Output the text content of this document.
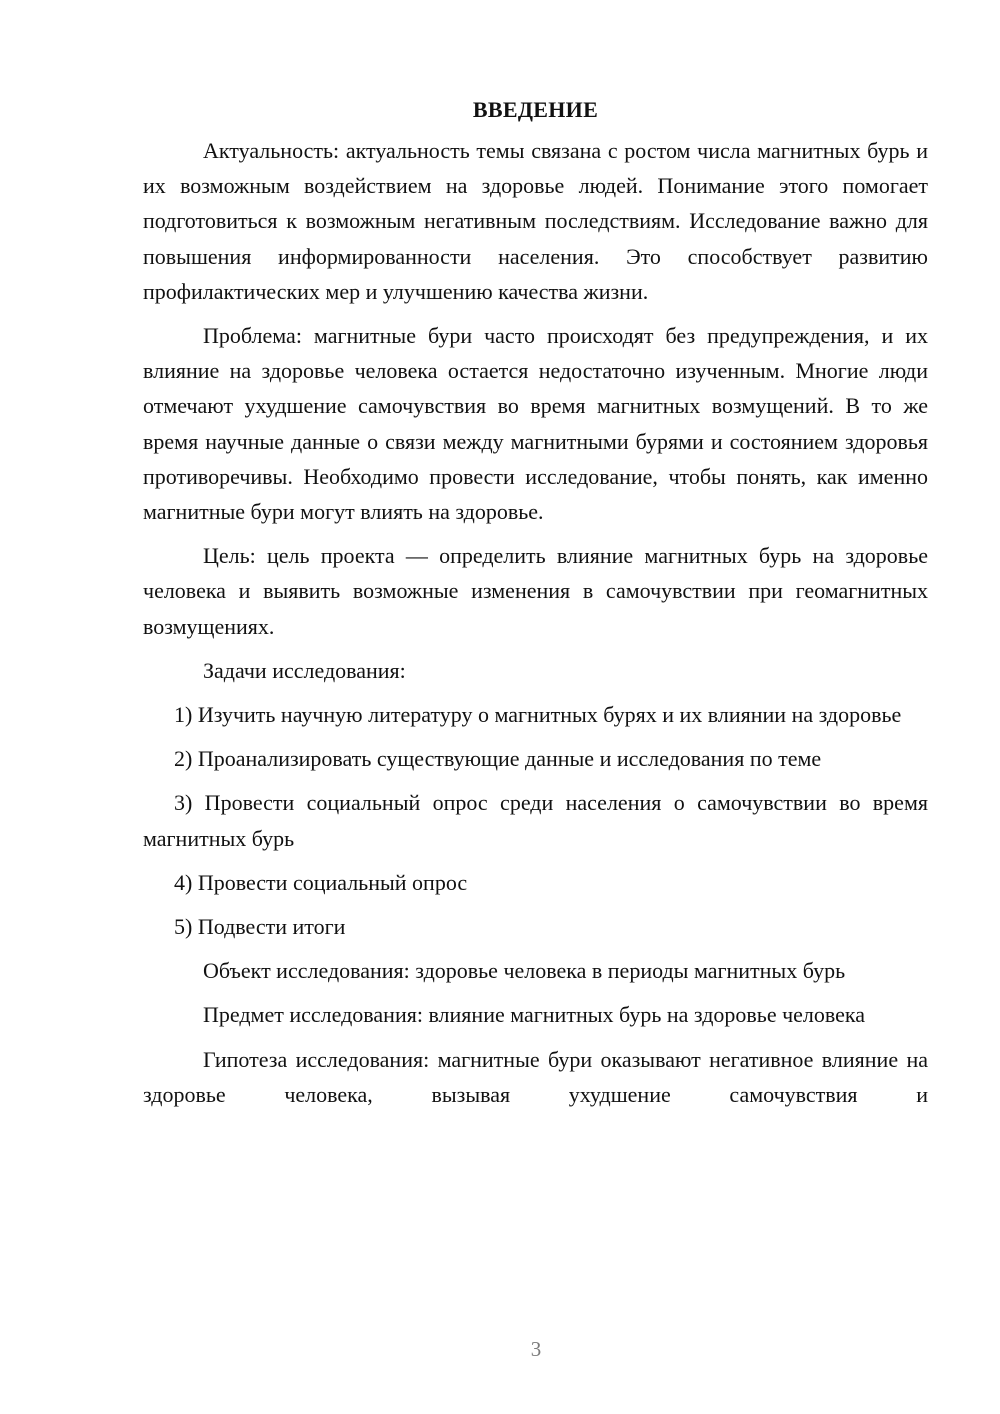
ВВЕДЕНИЕ

Актуальность: актуальность темы связана с ростом числа магнитных бурь и их возможным воздействием на здоровье людей. Понимание этого помогает подготовиться к возможным негативным последствиям. Исследование важно для повышения информированности населения. Это способствует развитию профилактических мер и улучшению качества жизни.

Проблема: магнитные бури часто происходят без предупреждения, и их влияние на здоровье человека остается недостаточно изученным. Многие люди отмечают ухудшение самочувствия во время магнитных возмущений. В то же время научные данные о связи между магнитными бурями и состоянием здоровья противоречивы. Необходимо провести исследование, чтобы понять, как именно магнитные бури могут влиять на здоровье.

Цель: цель проекта — определить влияние магнитных бурь на здоровье человека и выявить возможные изменения в самочувствии при геомагнитных возмущениях.

Задачи исследования:

1) Изучить научную литературу о магнитных бурях и их влиянии на здоровье

2) Проанализировать существующие данные и исследования по теме

3) Провести социальный опрос среди населения о самочувствии во время магнитных бурь

4) Провести социальный опрос

5) Подвести итоги

Объект исследования: здоровье человека в периоды магнитных бурь

Предмет исследования: влияние магнитных бурь на здоровье человека

Гипотеза исследования: магнитные бури оказывают негативное влияние на здоровье человека, вызывая ухудшение самочувствия и

3
